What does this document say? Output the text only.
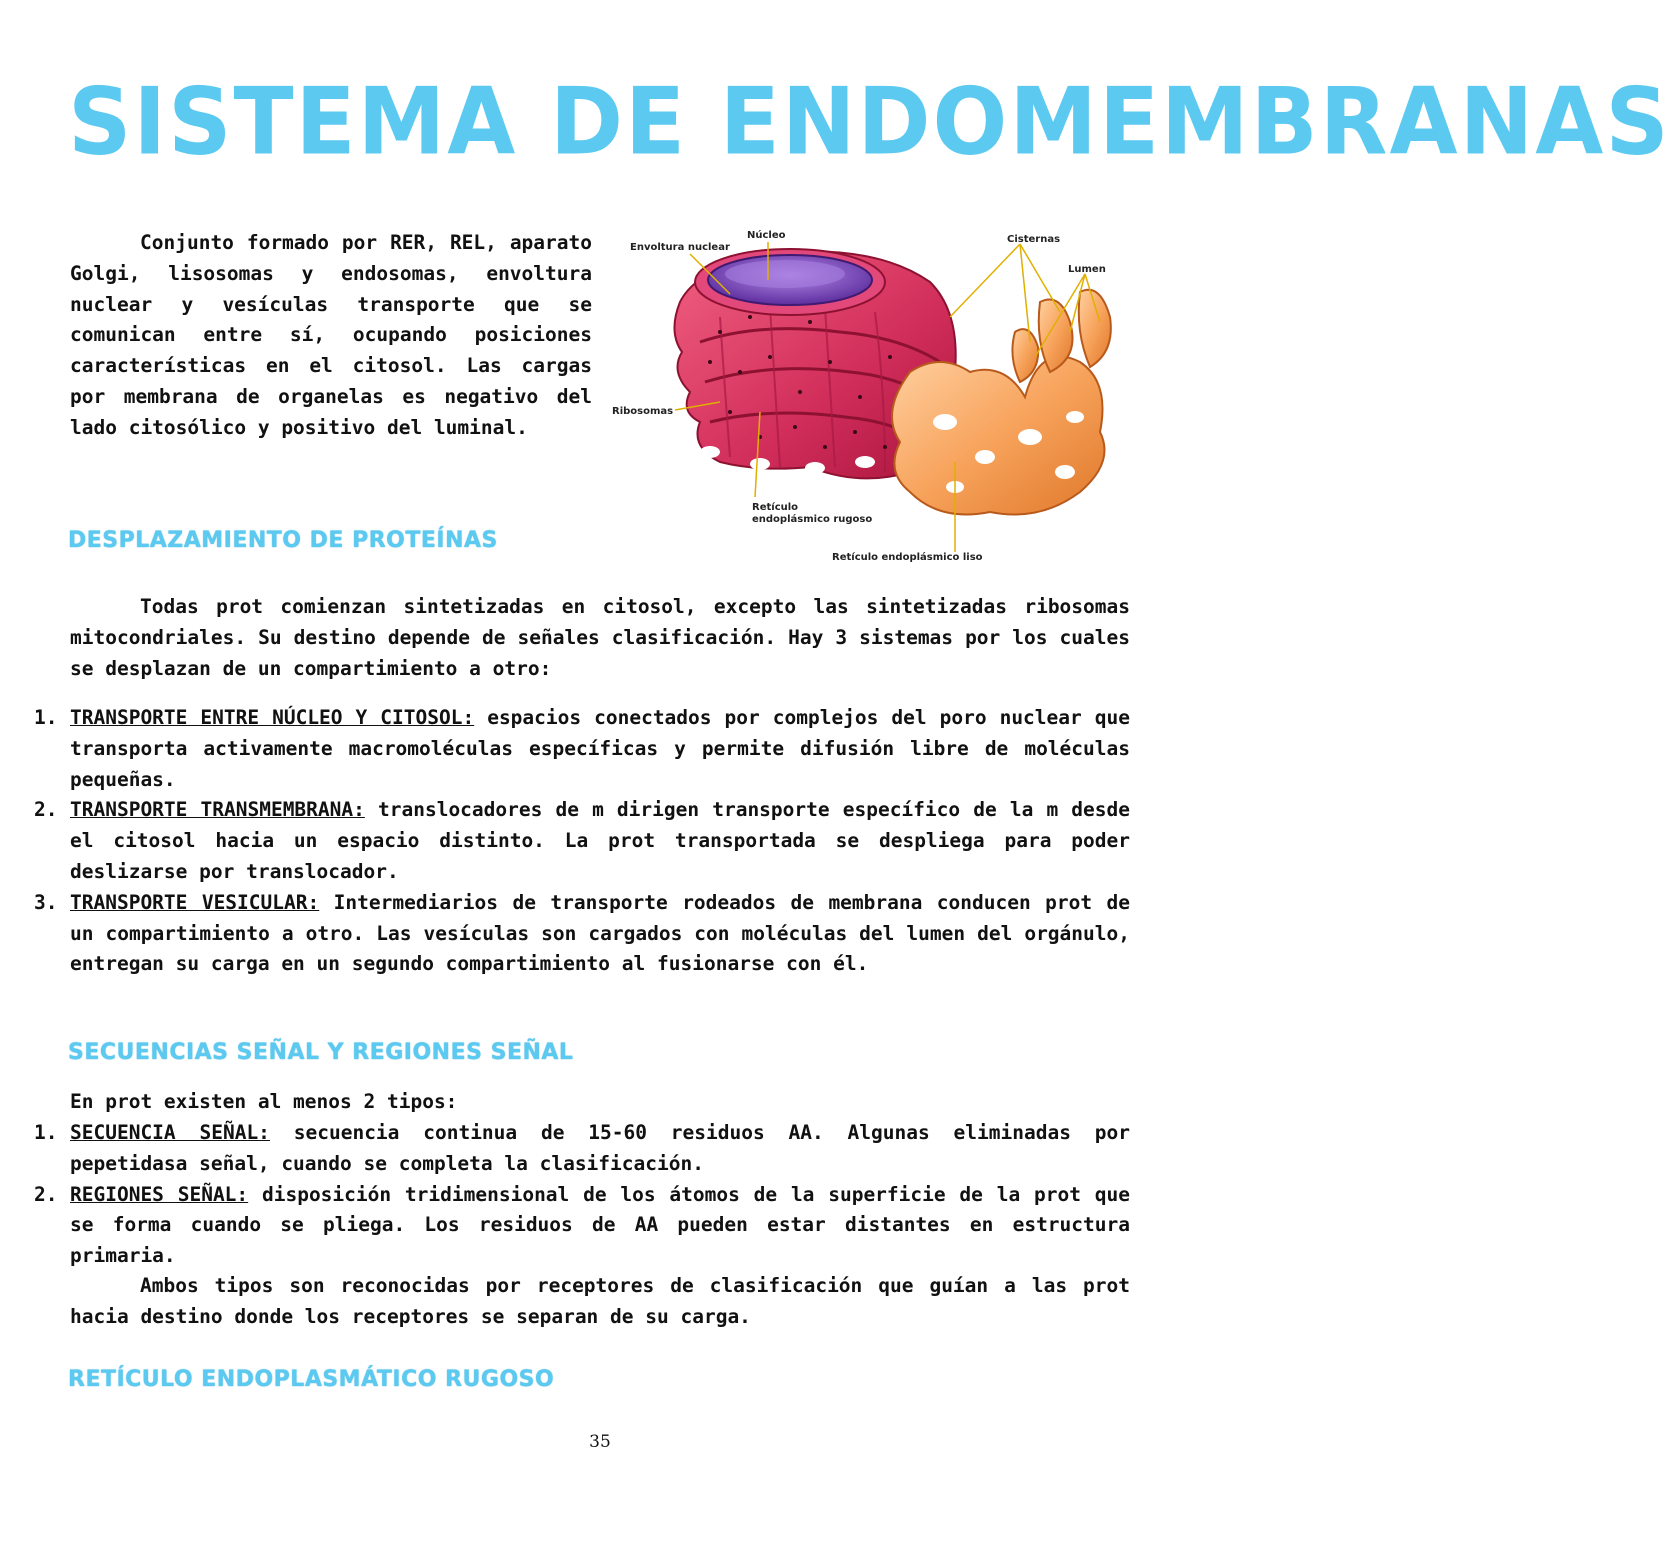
SISTEMA DE ENDOMEMBRANAS

Conjunto formado por RER, REL, aparato Golgi, lisosomas y endosomas, envoltura nuclear y vesículas transporte que se comunican entre sí, ocupando posiciones características en el citosol. Las cargas por membrana de organelas es negativo del lado citosólico y positivo del luminal.

Envoltura nuclear
Núcleo	Cisternas
Lumen
Ribosomas
Retículo
endoplásmico rugoso
Retículo endoplásmico liso
DESPLAZAMIENTO DE PROTEÍNAS

Todas prot comienzan sintetizadas en citosol, excepto las sintetizadas ribosomas mitocondriales. Su destino depende de señales clasificación. Hay 3 sistemas por los cuales se desplazan de un compartimiento a otro:

1. TRANSPORTE ENTRE NÚCLEO Y CITOSOL: espacios conectados por complejos del poro nuclear que transporta activamente macromoléculas específicas y permite difusión libre de moléculas pequeñas.
2. TRANSPORTE TRANSMEMBRANA: translocadores de m dirigen transporte específico de la m desde el citosol hacia un espacio distinto. La prot transportada se despliega para poder deslizarse por translocador.
3. TRANSPORTE VESICULAR: Intermediarios de transporte rodeados de membrana conducen prot de un compartimiento a otro. Las vesículas son cargados con moléculas del lumen del orgánulo, entregan su carga en un segundo compartimiento al fusionarse con él.
SECUENCIAS SEÑAL Y REGIONES SEÑAL

En prot existen al menos 2 tipos:

1. SECUENCIA SEÑAL: secuencia continua de 15-60 residuos AA. Algunas eliminadas por pepetidasa señal, cuando se completa la clasificación.
2. REGIONES SEÑAL: disposición tridimensional de los átomos de la superficie de la prot que se forma cuando se pliega. Los residuos de AA pueden estar distantes en estructura primaria.

Ambos tipos son reconocidas por receptores de clasificación que guían a las prot hacia destino donde los receptores se separan de su carga.

RETÍCULO ENDOPLASMÁTICO RUGOSO
35
